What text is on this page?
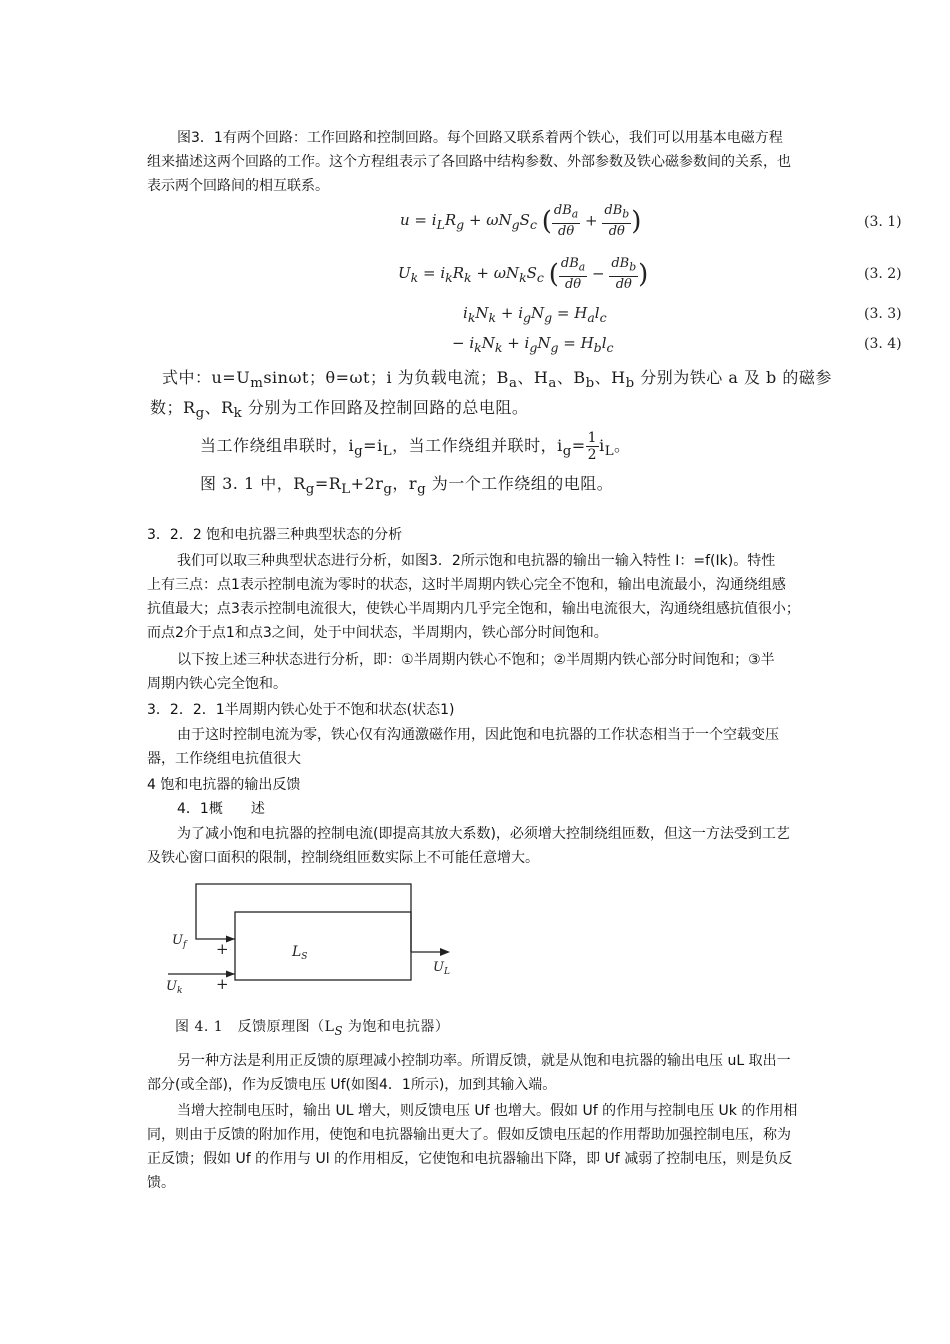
图3．1有两个回路：工作回路和控制回路。每个回路又联系着两个铁心，我们可以用基本电磁方程
组来描述这两个回路的工作。这个方程组表示了各回路中结构参数、外部参数及铁心磁参数间的关系，也
表示两个回路间的相互联系。
$u = i_LR_g + \omega N_gS_c$ ( $\frac{dB_a}{d\theta} + \frac{dB_b}{d\theta}$ )	(3. 1)
$U_k = i_kR_k + \omega N_kS_c$ ( $\frac{dB_a}{d\theta} - \frac{dB_b}{d\theta}$ )	(3. 2)
$i_kN_k + i_gN_g = H_al_c$	(3. 3)
− $i_kN_k + i_gN_g = H_bl_c$	(3. 4)
式中：$u=U_m\sin\omega t$；θ=ωt；i 为负载电流；$B_a$、$H_a$、$B_b$、$H_b$ 分别为铁心 a 及 b 的磁参
数；$R_g$、$R_k$ 分别为工作回路及控制回路的总电阻。
当工作绕组串联时，$i_g=i_L$，当工作绕组并联时，$i_g= \frac{1}{2} i_L$。
图 3. 1 中，$R_g=R_L+2r_g$，$r_g$ 为一个工作绕组的电阻。
3．2．2 饱和电抗器三种典型状态的分析
我们可以取三种典型状态进行分析，如图3．2所示饱和电抗器的输出一输入特性 I：=f(Ik)。特性
上有三点：点1表示控制电流为零时的状态，这时半周期内铁心完全不饱和，输出电流最小，沟通绕组感
抗值最大；点3表示控制电流很大，使铁心半周期内几乎完全饱和，输出电流很大，沟通绕组感抗值很小；
而点2介于点1和点3之间，处于中间状态，半周期内，铁心部分时间饱和。
以下按上述三种状态进行分析，即：①半周期内铁心不饱和；②半周期内铁心部分时间饱和；③半
周期内铁心完全饱和。
3．2．2．1半周期内铁心处于不饱和状态(状态1)
由于这时控制电流为零，铁心仅有沟通激磁作用，因此饱和电抗器的工作状态相当于一个空载变压
器，工作绕组电抗值很大
4 饱和电抗器的输出反馈
4．1概　　述
为了减小饱和电抗器的控制电流(即提高其放大系数)，必须增大控制绕组匝数，但这一方法受到工艺
及铁心窗口面积的限制，控制绕组匝数实际上不可能任意增大。
$U_f$
$U_k$
$U_L$
$L_S$
+
+
图 4. 1　反馈原理图（$L_S$ 为饱和电抗器）
另一种方法是利用正反馈的原理减小控制功率。所谓反馈，就是从饱和电抗器的输出电压 uL 取出一
部分(或全部)，作为反馈电压 Uf(如图4．1所示)，加到其输入端。
当增大控制电压时，输出 UL 增大，则反馈电压 Uf 也增大。假如 Uf 的作用与控制电压 Uk 的作用相
同，则由于反馈的附加作用，使饱和电抗器输出更大了。假如反馈电压起的作用帮助加强控制电压，称为
正反馈；假如 Uf 的作用与 Ul 的作用相反，它使饱和电抗器输出下降，即 Uf 减弱了控制电压，则是负反
馈。
